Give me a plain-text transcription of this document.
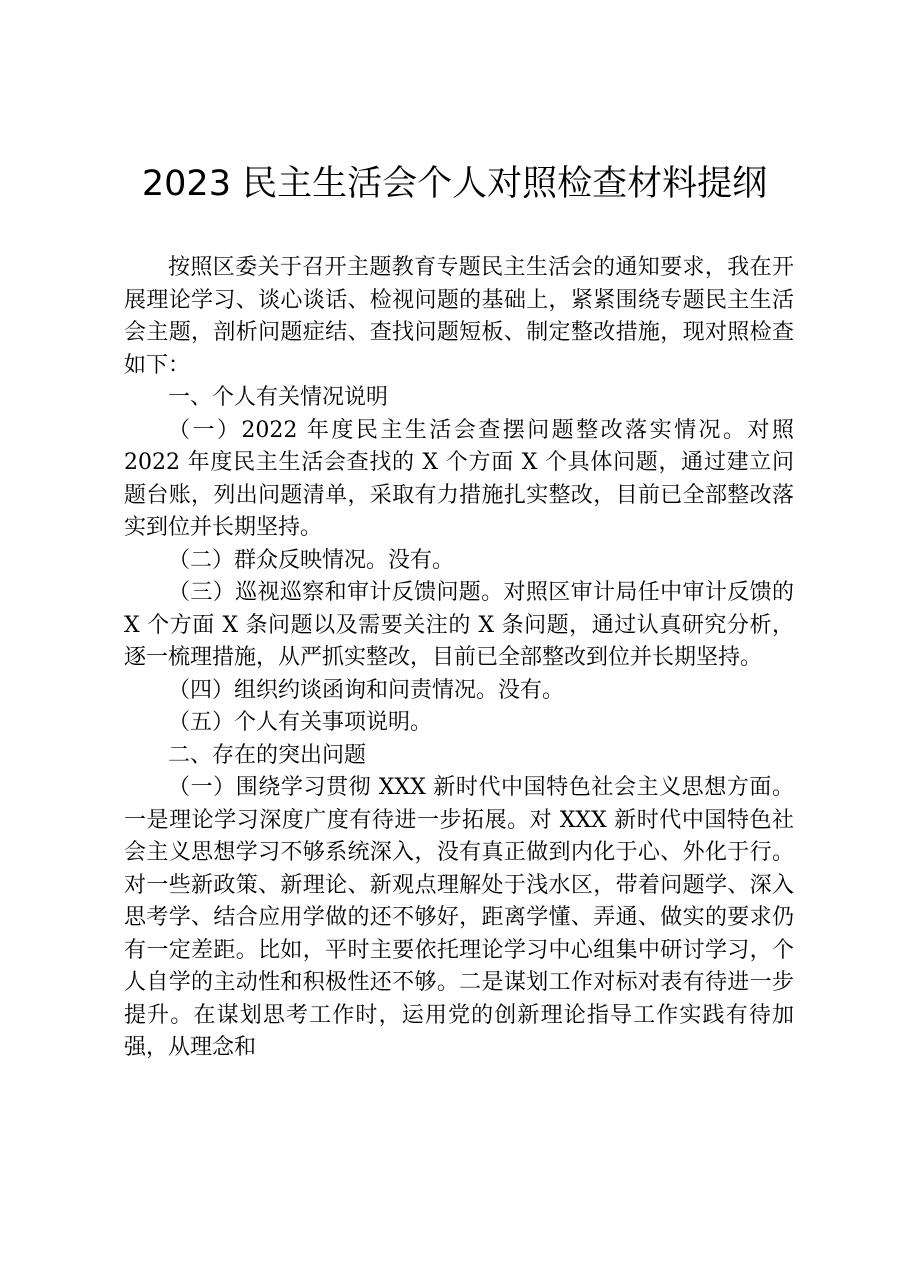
2023 民主生活会个人对照检查材料提纲

按照区委关于召开主题教育专题民主生活会的通知要求，我在开展理论学习、谈心谈话、检视问题的基础上，紧紧围绕专题民主生活会主题，剖析问题症结、查找问题短板、制定整改措施，现对照检查如下：

一、个人有关情况说明

（一）2022 年度民主生活会查摆问题整改落实情况。对照 2022 年度民主生活会查找的 X 个方面 X 个具体问题，通过建立问题台账，列出问题清单，采取有力措施扎实整改，目前已全部整改落实到位并长期坚持。

（二）群众反映情况。没有。

（三）巡视巡察和审计反馈问题。对照区审计局任中审计反馈的 X 个方面 X 条问题以及需要关注的 X 条问题，通过认真研究分析，逐一梳理措施，从严抓实整改，目前已全部整改到位并长期坚持。

（四）组织约谈函询和问责情况。没有。

（五）个人有关事项说明。

二、存在的突出问题

（一）围绕学习贯彻 XXX 新时代中国特色社会主义思想方面。一是理论学习深度广度有待进一步拓展。对 XXX 新时代中国特色社会主义思想学习不够系统深入，没有真正做到内化于心、外化于行。对一些新政策、新理论、新观点理解处于浅水区，带着问题学、深入思考学、结合应用学做的还不够好，距离学懂、弄通、做实的要求仍有一定差距。比如，平时主要依托理论学习中心组集中研讨学习，个人自学的主动性和积极性还不够。二是谋划工作对标对表有待进一步提升。在谋划思考工作时，运用党的创新理论指导工作实践有待加强，从理念和
